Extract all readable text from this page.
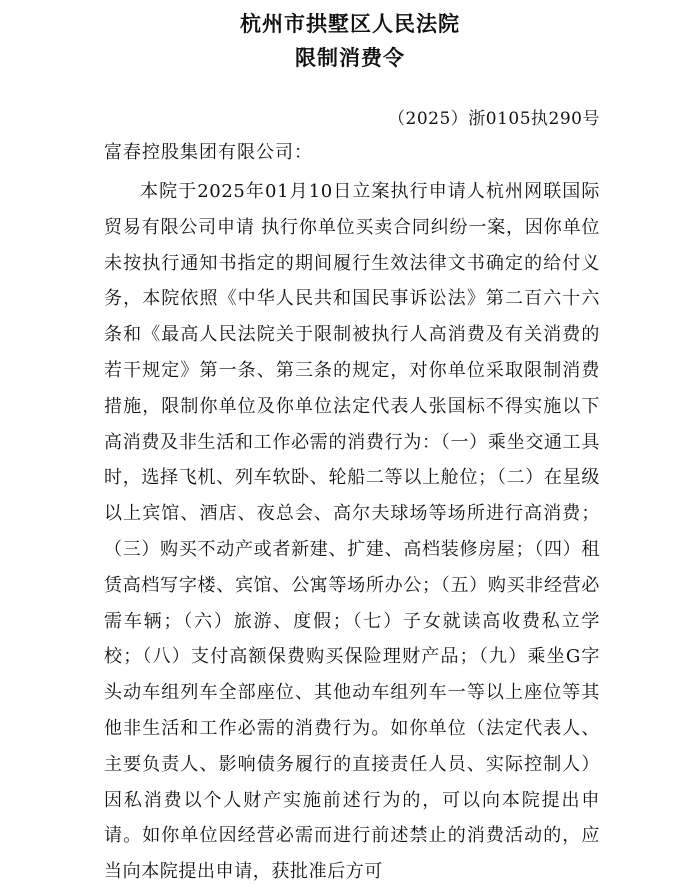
杭州市拱墅区人民法院
限制消费令
（2025）浙0105执290号
富春控股集团有限公司：

本院于2025年01月10日立案执行申请人杭州网联国际贸易有限公司申请 执行你单位买卖合同纠纷一案，因你单位未按执行通知书指定的期间履行生效法律文书确定的给付义务，本院依照《中华人民共和国民事诉讼法》第二百六十六条和《最高人民法院关于限制被执行人高消费及有关消费的若干规定》第一条、第三条的规定，对你单位采取限制消费措施，限制你单位及你单位法定代表人张国标不得实施以下高消费及非生活和工作必需的消费行为：（一）乘坐交通工具时，选择飞机、列车软卧、轮船二等以上舱位；（二）在星级以上宾馆、酒店、夜总会、高尔夫球场等场所进行高消费；（三）购买不动产或者新建、扩建、高档装修房屋；（四）租赁高档写字楼、宾馆、公寓等场所办公；（五）购买非经营必需车辆；（六）旅游、度假；（七）子女就读高收费私立学校；（八）支付高额保费购买保险理财产品；（九）乘坐G字头动车组列车全部座位、其他动车组列车一等以上座位等其他非生活和工作必需的消费行为。如你单位（法定代表人、主要负责人、影响债务履行的直接责任人员、实际控制人）因私消费以个人财产实施前述行为的，可以向本院提出申请。如你单位因经营必需而进行前述禁止的消费活动的，应当向本院提出申请，获批准后方可
